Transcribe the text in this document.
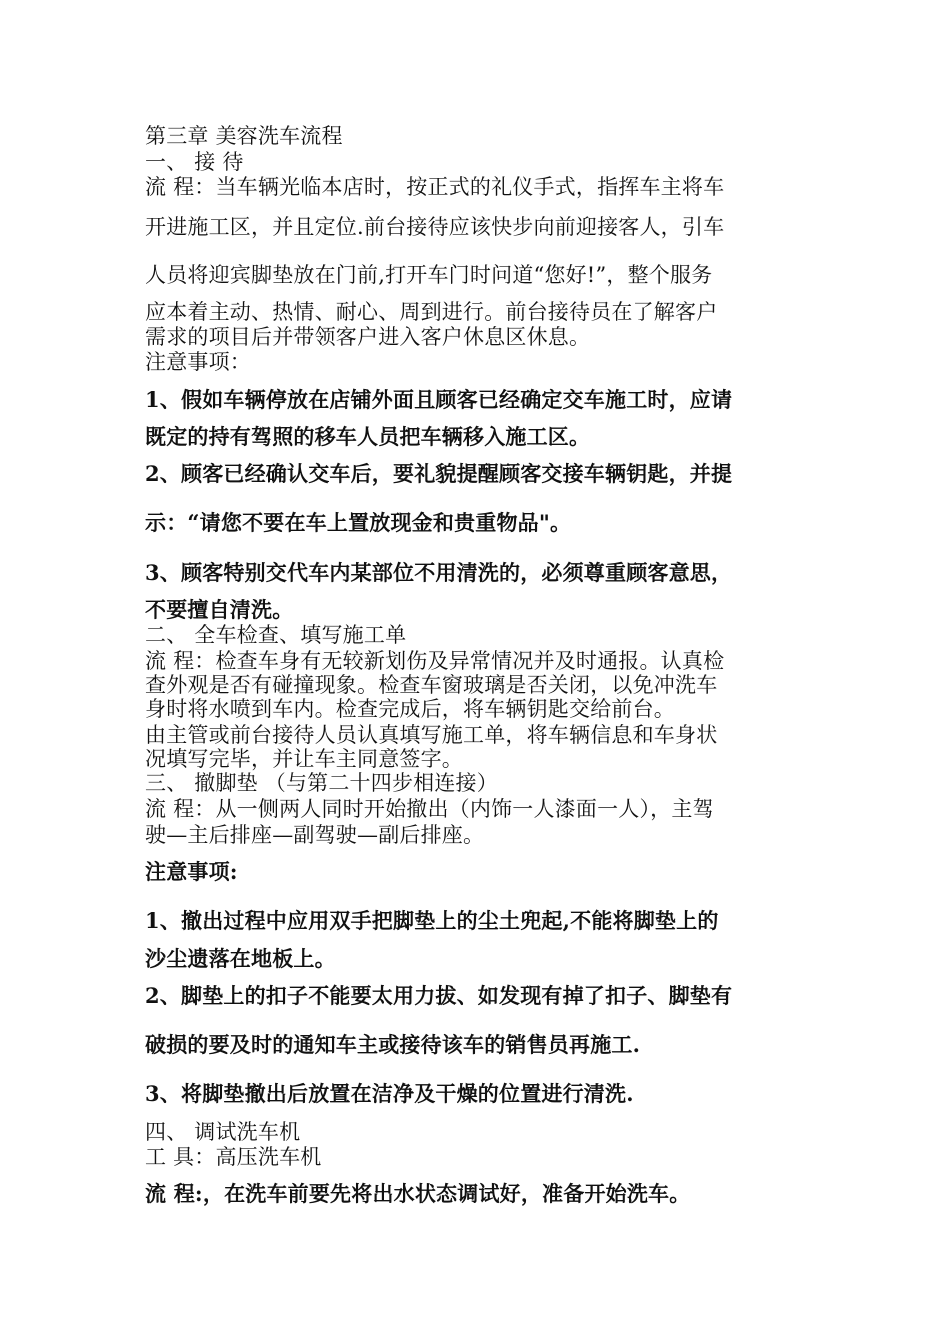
第三章 美容洗车流程
一、 接 待
流 程：当车辆光临本店时，按正式的礼仪手式，指挥车主将车
开进施工区，并且定位.前台接待应该快步向前迎接客人，引车
人员将迎宾脚垫放在门前,打开车门时问道“您好!”，整个服务
应本着主动、热情、耐心、周到进行。前台接待员在了解客户
需求的项目后并带领客户进入客户休息区休息。
注意事项：
1、假如车辆停放在店铺外面且顾客已经确定交车施工时，应请
既定的持有驾照的移车人员把车辆移入施工区。
2、顾客已经确认交车后，要礼貌提醒顾客交接车辆钥匙，并提
示：“请您不要在车上置放现金和贵重物品"。
3、顾客特别交代车内某部位不用清洗的，必须尊重顾客意思，
不要擅自清洗。
二、 全车检查、填写施工单
流 程：检查车身有无较新划伤及异常情况并及时通报。认真检
查外观是否有碰撞现象。检查车窗玻璃是否关闭，以免冲洗车
身时将水喷到车内。检查完成后，将车辆钥匙交给前台。
由主管或前台接待人员认真填写施工单，将车辆信息和车身状
况填写完毕，并让车主同意签字。
三、 撤脚垫 （与第二十四步相连接）
流 程：从一侧两人同时开始撤出（内饰一人漆面一人），主驾
驶—主后排座—副驾驶—副后排座。
注意事项:
1、撤出过程中应用双手把脚垫上的尘土兜起,不能将脚垫上的
沙尘遗落在地板上。
2、脚垫上的扣子不能要太用力拔、如发现有掉了扣子、脚垫有
破损的要及时的通知车主或接待该车的销售员再施工.
3、将脚垫撤出后放置在洁净及干燥的位置进行清洗.
四、 调试洗车机
工 具：高压洗车机
流 程:，在洗车前要先将出水状态调试好，准备开始洗车。
